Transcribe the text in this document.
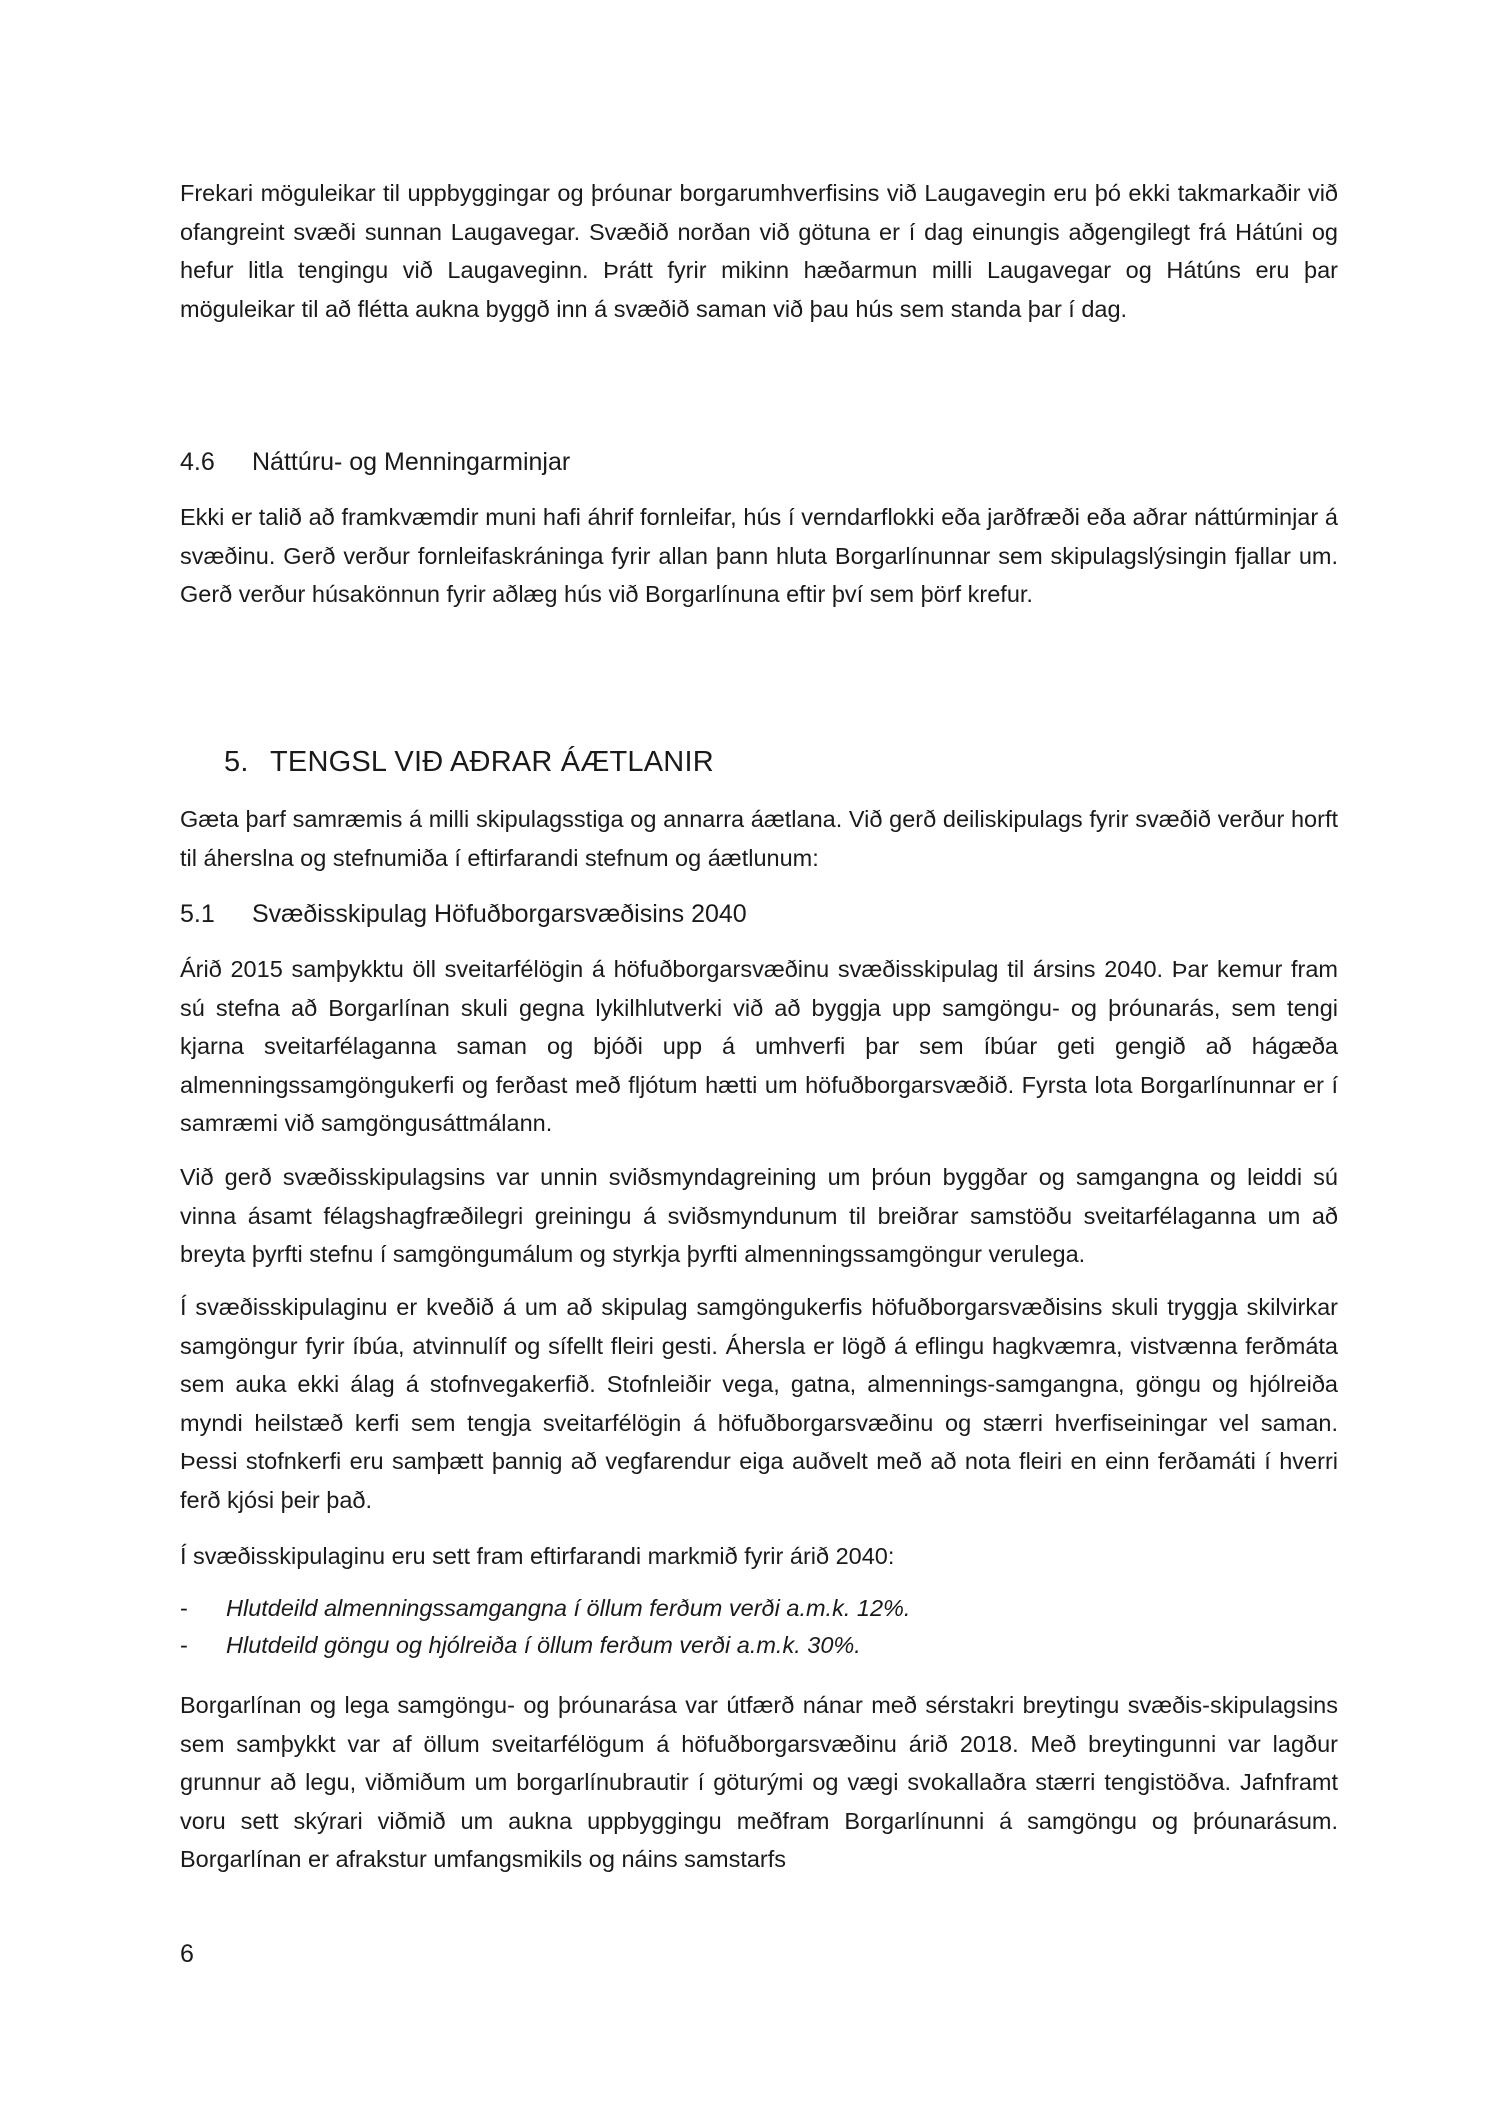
Frekari möguleikar til uppbyggingar og þróunar borgarumhverfisins við Laugavegin eru þó ekki takmarkaðir við ofangreint svæði sunnan Laugavegar. Svæðið norðan við götuna er í dag einungis aðgengilegt frá Hátúni og hefur litla tengingu við Laugaveginn. Þrátt fyrir mikinn hæðarmun milli Laugavegar og Hátúns eru þar möguleikar til að flétta aukna byggð inn á svæðið saman við þau hús sem standa þar í dag.

4.6 Náttúru- og Menningarminjar

Ekki er talið að framkvæmdir muni hafi áhrif fornleifar, hús í verndarflokki eða jarðfræði eða aðrar náttúrminjar á svæðinu. Gerð verður fornleifaskráninga fyrir allan þann hluta Borgarlínunnar sem skipulagslýsingin fjallar um. Gerð verður húsakönnun fyrir aðlæg hús við Borgarlínuna eftir því sem þörf krefur.

5. TENGSL VIÐ AÐRAR ÁÆTLANIR

Gæta þarf samræmis á milli skipulagsstiga og annarra áætlana. Við gerð deiliskipulags fyrir svæðið verður horft til áherslna og stefnumiða í eftirfarandi stefnum og áætlunum:

5.1 Svæðisskipulag Höfuðborgarsvæðisins 2040

Árið 2015 samþykktu öll sveitarfélögin á höfuðborgarsvæðinu svæðisskipulag til ársins 2040. Þar kemur fram sú stefna að Borgarlínan skuli gegna lykilhlutverki við að byggja upp samgöngu- og þróunarás, sem tengi kjarna sveitarfélaganna saman og bjóði upp á umhverfi þar sem íbúar geti gengið að hágæða almenningssamgöngukerfi og ferðast með fljótum hætti um höfuðborgarsvæðið. Fyrsta lota Borgarlínunnar er í samræmi við samgöngusáttmálann.

Við gerð svæðisskipulagsins var unnin sviðsmyndagreining um þróun byggðar og samgangna og leiddi sú vinna ásamt félagshagfræðilegri greiningu á sviðsmyndunum til breiðrar samstöðu sveitarfélaganna um að breyta þyrfti stefnu í samgöngumálum og styrkja þyrfti almenningssamgöngur verulega.

Í svæðisskipulaginu er kveðið á um að skipulag samgöngukerfis höfuðborgarsvæðisins skuli tryggja skilvirkar samgöngur fyrir íbúa, atvinnulíf og sífellt fleiri gesti. Áhersla er lögð á eflingu hagkvæmra, vistvænna ferðmáta sem auka ekki álag á stofnvegakerfið. Stofnleiðir vega, gatna, almennings-samgangna, göngu og hjólreiða myndi heilstæð kerfi sem tengja sveitarfélögin á höfuðborgarsvæðinu og stærri hverfiseiningar vel saman. Þessi stofnkerfi eru samþætt þannig að vegfarendur eiga auðvelt með að nota fleiri en einn ferðamáti í hverri ferð kjósi þeir það.

Í svæðisskipulaginu eru sett fram eftirfarandi markmið fyrir árið 2040:

- Hlutdeild almenningssamgangna í öllum ferðum verði a.m.k. 12%.
- Hlutdeild göngu og hjólreiða í öllum ferðum verði a.m.k. 30%.

Borgarlínan og lega samgöngu- og þróunarása var útfærð nánar með sérstakri breytingu svæðis-skipulagsins sem samþykkt var af öllum sveitarfélögum á höfuðborgarsvæðinu árið 2018. Með breytingunni var lagður grunnur að legu, viðmiðum um borgarlínubrautir í göturými og vægi svokallaðra stærri tengistöðva. Jafnframt voru sett skýrari viðmið um aukna uppbyggingu meðfram Borgarlínunni á samgöngu og þróunarásum. Borgarlínan er afrakstur umfangsmikils og náins samstarfs

6
